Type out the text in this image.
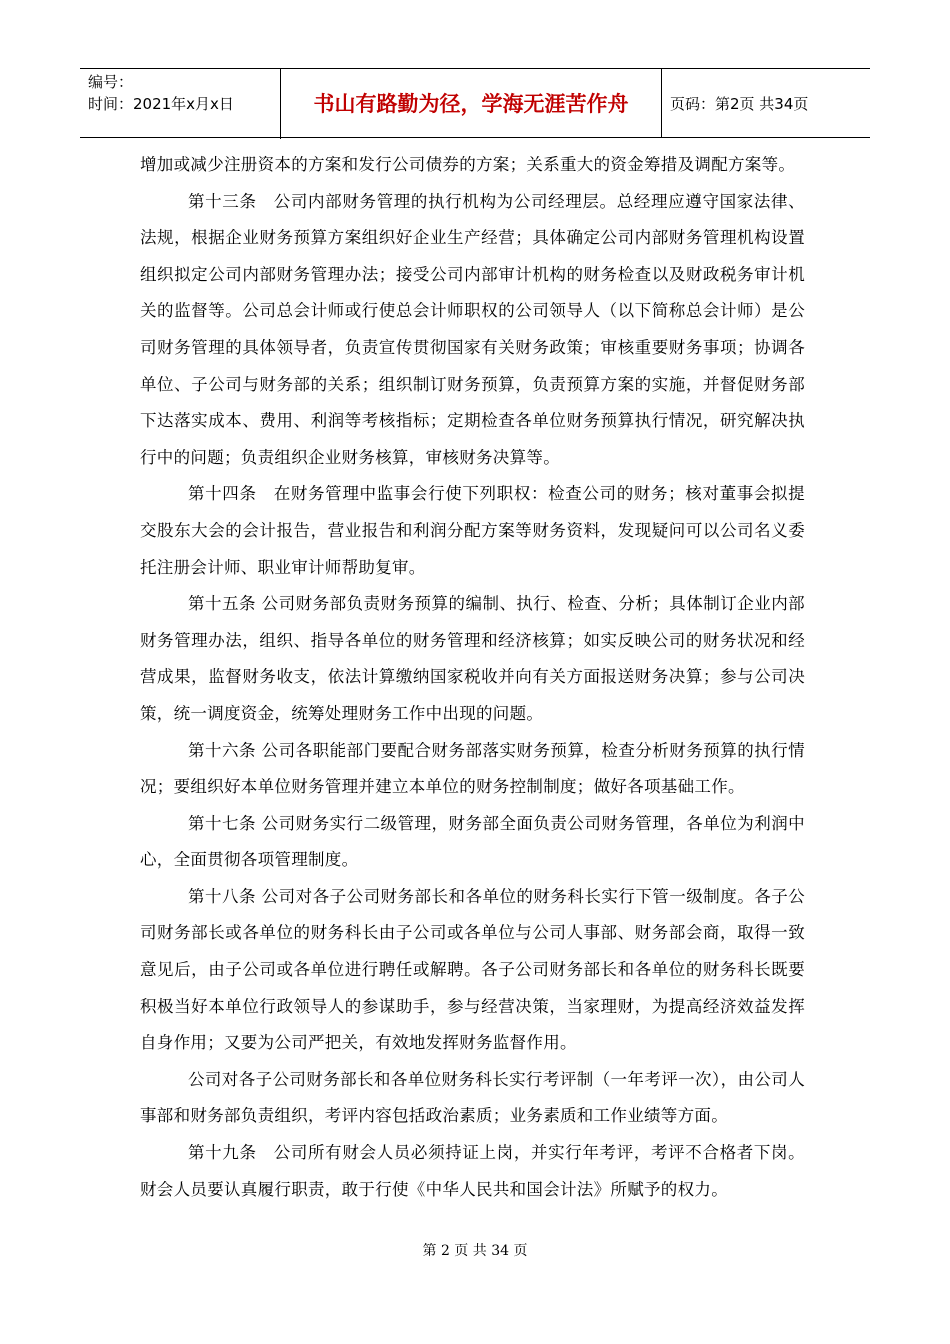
编号：
时间：2021年x月x日	书山有路勤为径，学海无涯苦作舟	页码：第2页 共34页

增加或减少注册资本的方案和发行公司债券的方案；关系重大的资金筹措及调配方案等。

第十三条　公司内部财务管理的执行机构为公司经理层。总经理应遵守国家法律、法规，根据企业财务预算方案组织好企业生产经营；具体确定公司内部财务管理机构设置组织拟定公司内部财务管理办法；接受公司内部审计机构的财务检查以及财政税务审计机关的监督等。公司总会计师或行使总会计师职权的公司领导人（以下简称总会计师）是公司财务管理的具体领导者，负责宣传贯彻国家有关财务政策；审核重要财务事项；协调各单位、子公司与财务部的关系；组织制订财务预算，负责预算方案的实施，并督促财务部下达落实成本、费用、利润等考核指标；定期检查各单位财务预算执行情况，研究解决执行中的问题；负责组织企业财务核算，审核财务决算等。

第十四条　在财务管理中监事会行使下列职权：检查公司的财务；核对董事会拟提交股东大会的会计报告，营业报告和利润分配方案等财务资料，发现疑问可以公司名义委托注册会计师、职业审计师帮助复审。

第十五条 公司财务部负责财务预算的编制、执行、检查、分析；具体制订企业内部财务管理办法，组织、指导各单位的财务管理和经济核算；如实反映公司的财务状况和经营成果，监督财务收支，依法计算缴纳国家税收并向有关方面报送财务决算；参与公司决策，统一调度资金，统筹处理财务工作中出现的问题。

第十六条 公司各职能部门要配合财务部落实财务预算，检查分析财务预算的执行情况；要组织好本单位财务管理并建立本单位的财务控制制度；做好各项基础工作。

第十七条 公司财务实行二级管理，财务部全面负责公司财务管理，各单位为利润中心，全面贯彻各项管理制度。

第十八条 公司对各子公司财务部长和各单位的财务科长实行下管一级制度。各子公司财务部长或各单位的财务科长由子公司或各单位与公司人事部、财务部会商，取得一致意见后，由子公司或各单位进行聘任或解聘。各子公司财务部长和各单位的财务科长既要积极当好本单位行政领导人的参谋助手，参与经营决策，当家理财，为提高经济效益发挥自身作用；又要为公司严把关，有效地发挥财务监督作用。

公司对各子公司财务部长和各单位财务科长实行考评制（一年考评一次），由公司人事部和财务部负责组织，考评内容包括政治素质；业务素质和工作业绩等方面。

第十九条　公司所有财会人员必须持证上岗，并实行年考评，考评不合格者下岗。财会人员要认真履行职责，敢于行使《中华人民共和国会计法》所赋予的权力。

第 2 页 共 34 页
